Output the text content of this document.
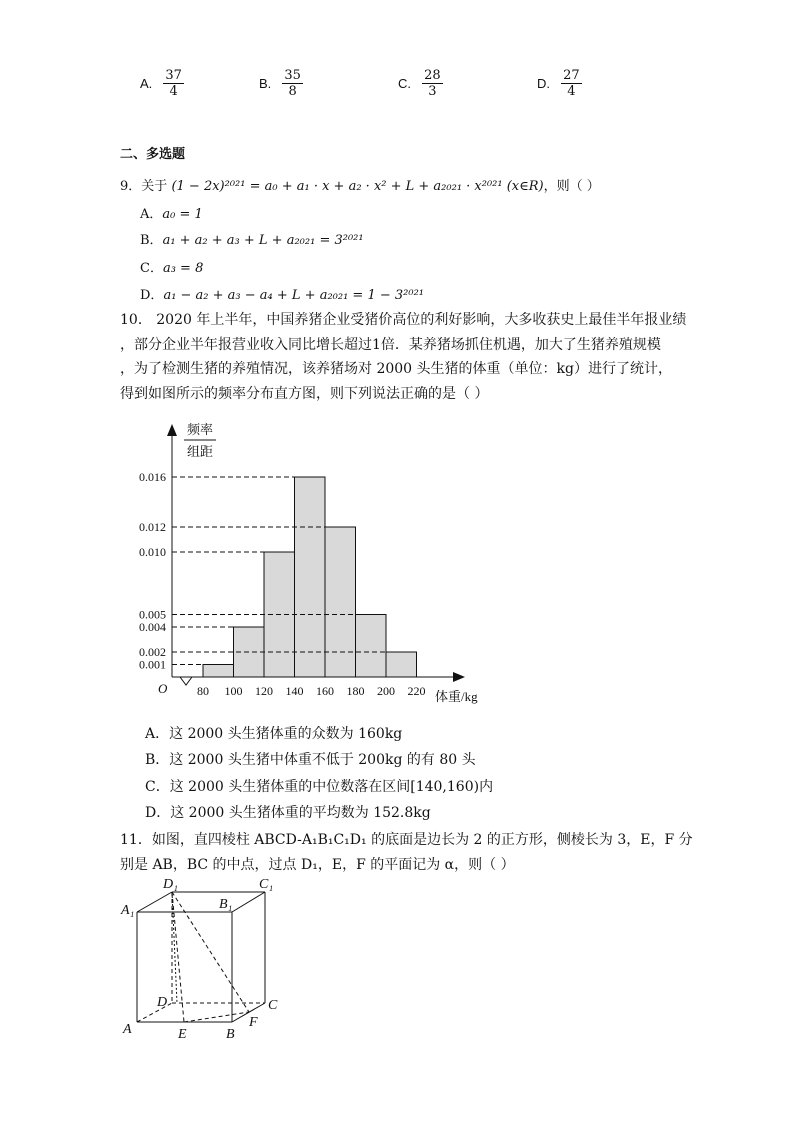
A. $\frac{37}{4}$	B. $\frac{35}{8}$	C. $\frac{28}{3}$	D. $\frac{27}{4}$
二、多选题
9．关于 (1 − 2x)²⁰²¹ = a₀ + a₁ · x + a₂ · x² + L + a₂₀₂₁ · x²⁰²¹ (x∈R)，则（ ）
A．a₀ = 1
B．a₁ + a₂ + a₃ + L + a₂₀₂₁ = 3²⁰²¹
C．a₃ = 8
D．a₁ − a₂ + a₃ − a₄ + L + a₂₀₂₁ = 1 − 3²⁰²¹
10． 2020 年上半年，中国养猪企业受猪价高位的利好影响，大多收获史上最佳半年报业绩
，部分企业半年报营业收入同比增长超过1倍．某养猪场抓住机遇，加大了生猪养殖规模
，为了检测生猪的养殖情况，该养猪场对 2000 头生猪的体重（单位：kg）进行了统计，
得到如图所示的频率分布直方图，则下列说法正确的是（ ）
0.016
0.012
0.010
0.005
0.004
0.002
0.001
80 100 120 140 160 180 200 220
O
体重/kg
频率
组距
A．这 2000 头生猪体重的众数为 160kg
B．这 2000 头生猪中体重不低于 200kg 的有 80 头
C．这 2000 头生猪体重的中位数落在区间[140,160)内
D．这 2000 头生猪体重的平均数为 152.8kg
11．如图，直四棱柱 ABCD-A₁B₁C₁D₁ 的底面是边长为 2 的正方形，侧棱长为 3，E，F 分
别是 AB，BC 的中点，过点 D₁，E，F 的平面记为 α，则（ ）
D₁	C₁
A₁	B₁
D	C
A	E	B
F
